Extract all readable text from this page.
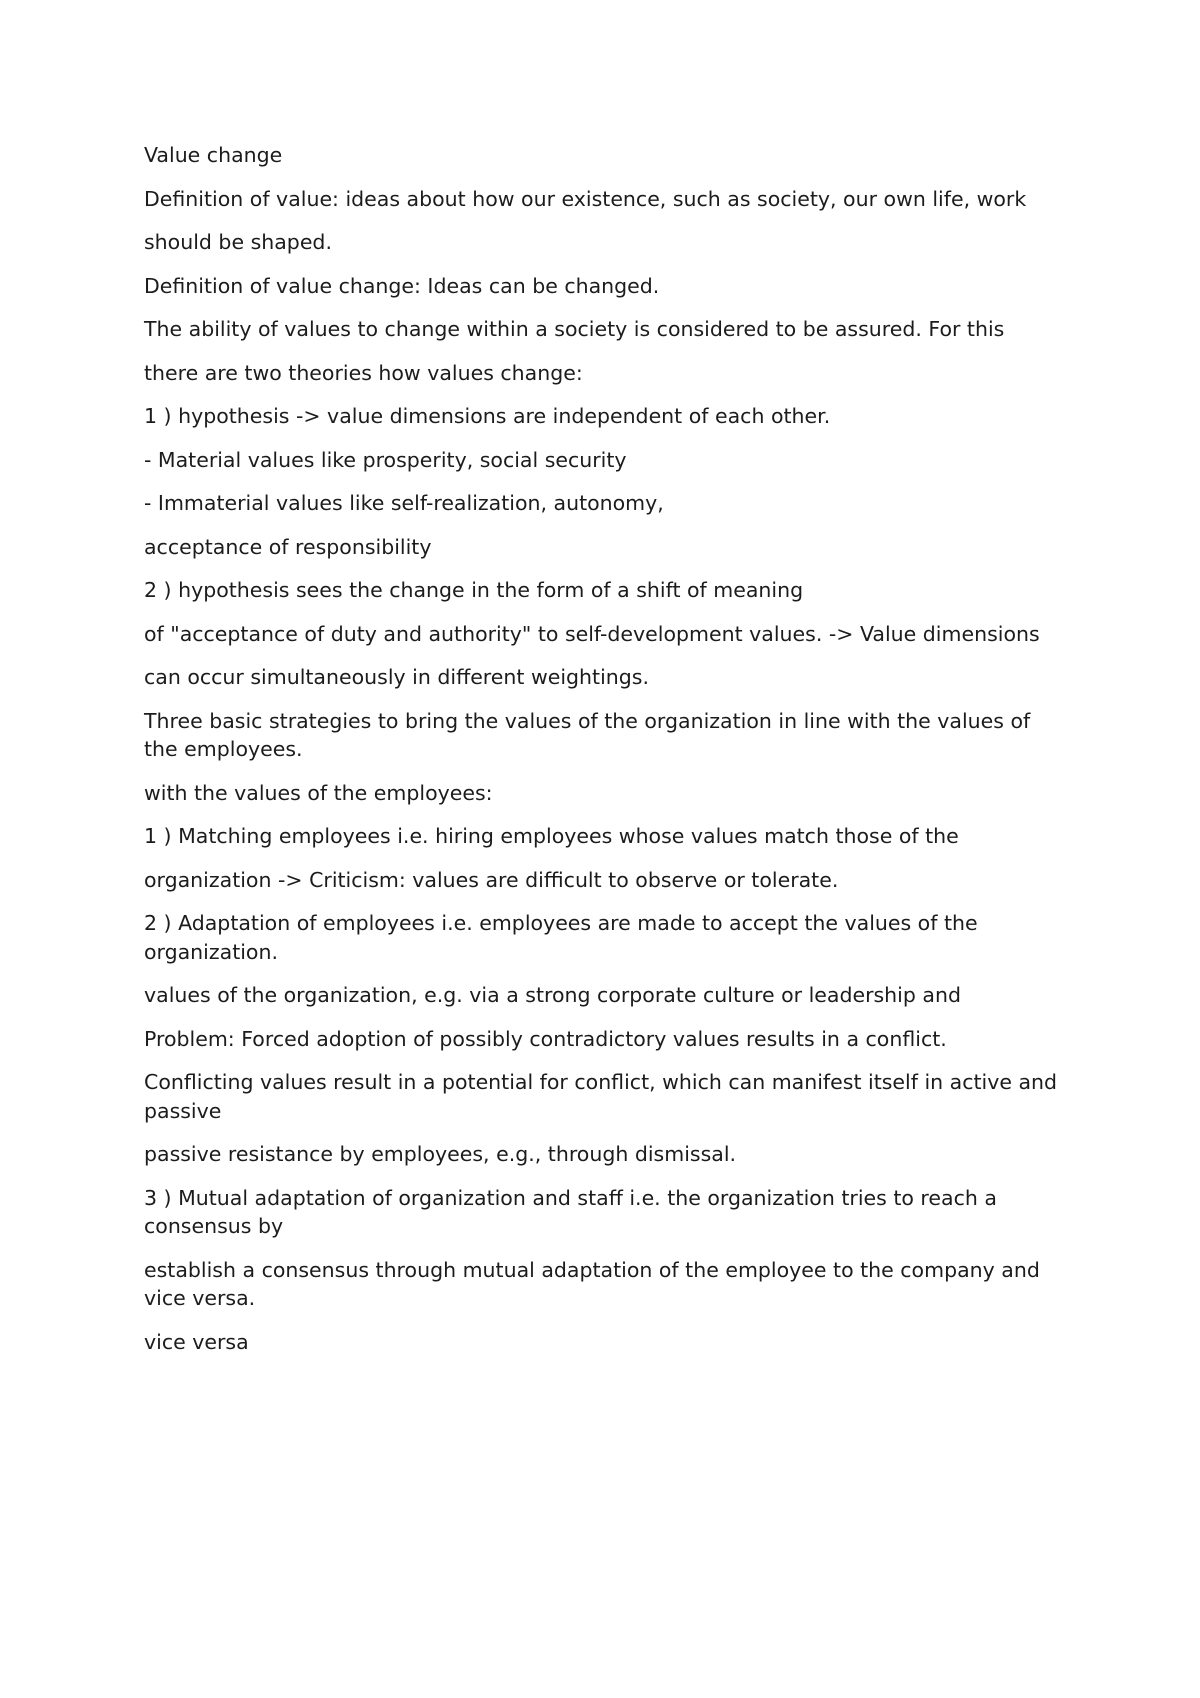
Value change

Definition of value: ideas about how our existence, such as society, our own life, work

should be shaped.

Definition of value change: Ideas can be changed.

The ability of values to change within a society is considered to be assured. For this

there are two theories how values change:

1 ) hypothesis -> value dimensions are independent of each other.

- Material values like prosperity, social security

- Immaterial values like self-realization, autonomy,

acceptance of responsibility

2 ) hypothesis sees the change in the form of a shift of meaning

of "acceptance of duty and authority" to self-development values. -> Value dimensions

can occur simultaneously in different weightings.

Three basic strategies to bring the values of the organization in line with the values of the employees.

with the values of the employees:

1 ) Matching employees i.e. hiring employees whose values match those of the

organization -> Criticism: values are difficult to observe or tolerate.

2 ) Adaptation of employees i.e. employees are made to accept the values of the organization.

values of the organization, e.g. via a strong corporate culture or leadership and

Problem: Forced adoption of possibly contradictory values results in a conflict.

Conflicting values result in a potential for conflict, which can manifest itself in active and passive

passive resistance by employees, e.g., through dismissal.

3 ) Mutual adaptation of organization and staff i.e. the organization tries to reach a consensus by

establish a consensus through mutual adaptation of the employee to the company and vice versa.

vice versa
